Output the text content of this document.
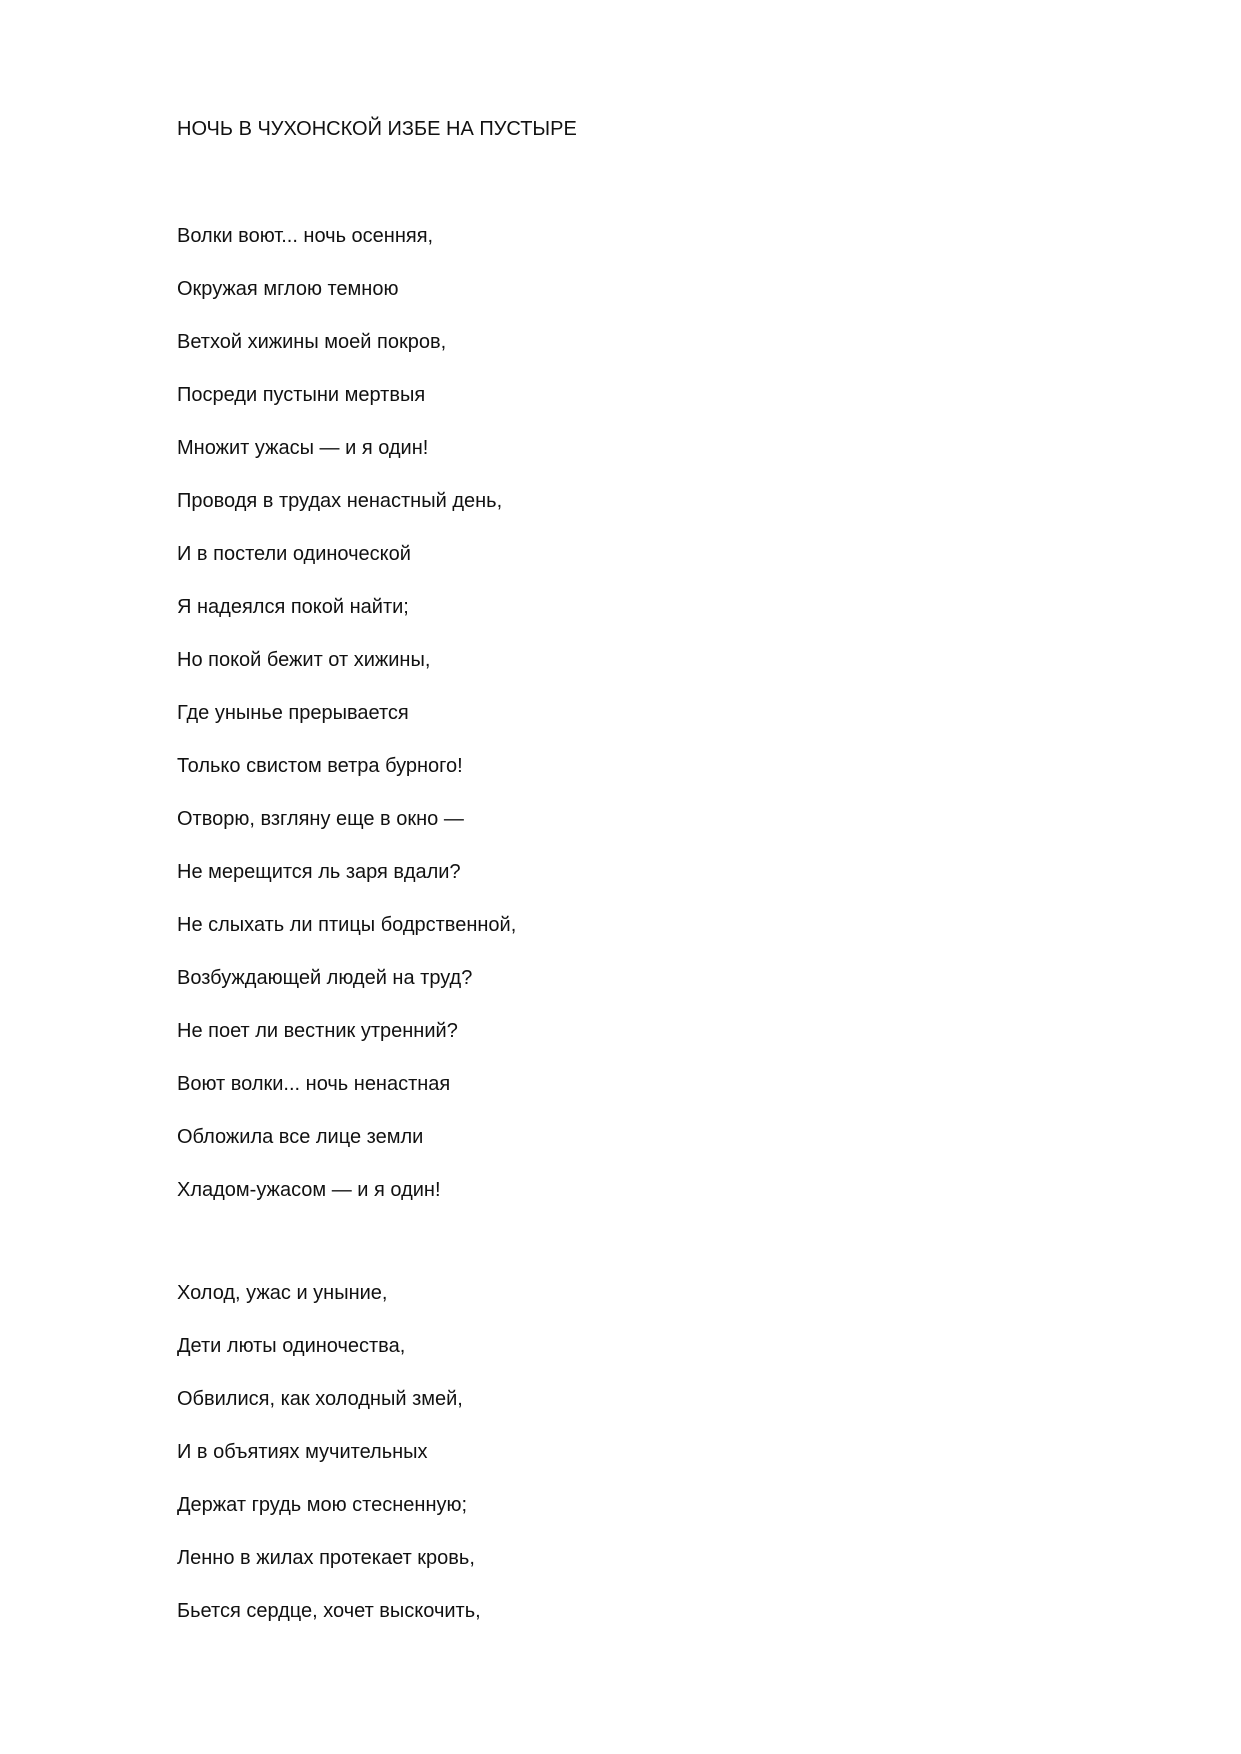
НОЧЬ В ЧУХОНСКОЙ ИЗБЕ НА ПУСТЫРЕ
Волки воют... ночь осенняя,
Окружая мглою темною
Ветхой хижины моей покров,
Посреди пустыни мертвыя
Множит ужасы — и я один!
Проводя в трудах ненастный день,
И в постели одиноческой
Я надеялся покой найти;
Но покой бежит от хижины,
Где уныньe прерывается
Только свистом ветра бурного!
Отворю, взгляну еще в окно —
Не мерещится ль заря вдали?
Не слыхать ли птицы бодрственной,
Возбуждающей людей на труд?
Не поет ли вестник утренний?
Воют волки... ночь ненастная
Обложила все лице земли
Хладом-ужасом — и я один!
Холод, ужас и уныние,
Дети люты одиночества,
Обвилися, как холодный змей,
И в объятиях мучительных
Держат грудь мою стесненную;
Ленно в жилах протекает кровь,
Бьется сердце, хочет выскочить,
